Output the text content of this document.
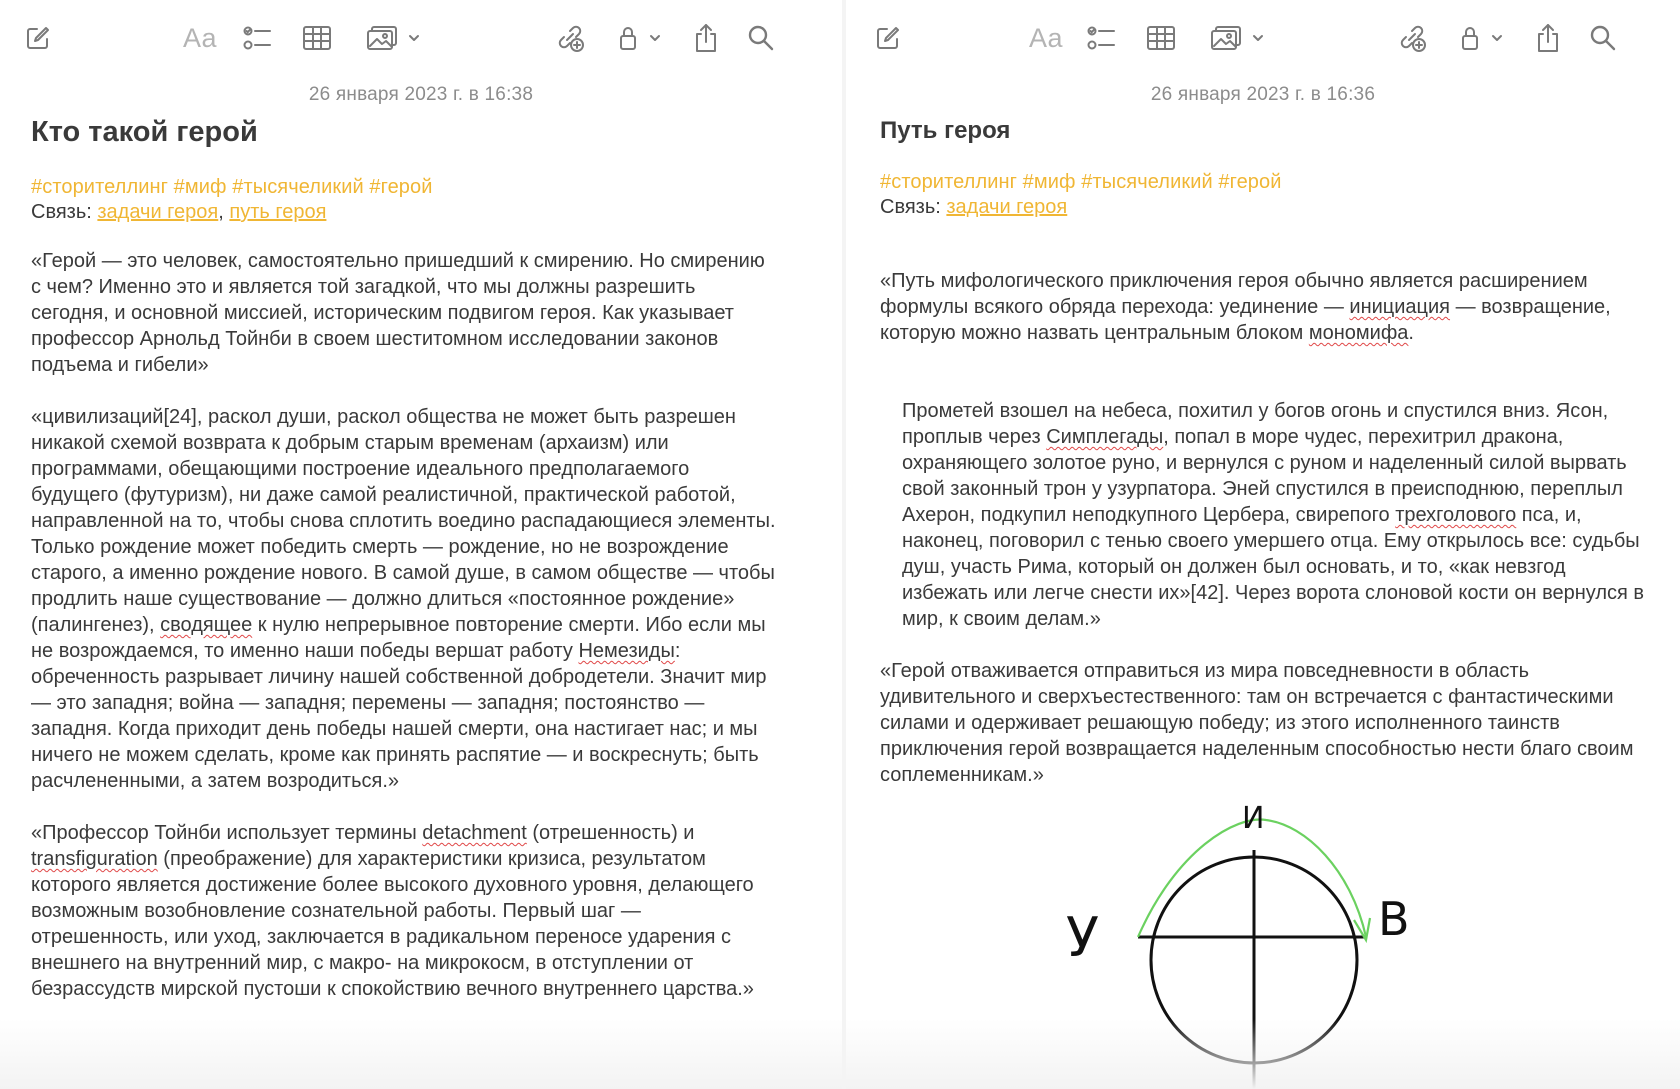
Aa
26 января 2023 г. в 16:38
Кто такой герой
#сторителлинг #миф #тысячеликий #герой
Связь: задачи героя, путь героя

«Герой — это человек, самостоятельно пришедший к смирению. Но смирению с чем? Именно это и является той загадкой, что мы должны разрешить сегодня, и основной миссией, историческим подвигом героя. Как указывает профессор Арнольд Тойнби в своем шеститомном исследовании законов подъема и гибели»

«цивилизаций[24], раскол души, раскол общества не может быть разрешен никакой схемой возврата к добрым старым временам (архаизм) или программами, обещающими построение идеального предполагаемого будущего (футуризм), ни даже самой реалистичной, практической работой, направленной на то, чтобы снова сплотить воедино распадающиеся элементы. Только рождение может победить смерть — рождение, но не возрождение старого, а именно рождение нового. В самой душе, в самом обществе — чтобы продлить наше существование — должно длиться «постоянное рождение» (палингенез), сводящее к нулю непрерывное повторение смерти. Ибо если мы не возрождаемся, то именно наши победы вершат работу Немезиды: обреченность разрывает личину нашей собственной добродетели. Значит мир — это западня; война — западня; перемены — западня; постоянство — западня. Когда приходит день победы нашей смерти, она настигает нас; и мы ничего не можем сделать, кроме как принять распятие — и воскреснуть; быть расчлененными, а затем возродиться.»

«Профессор Тойнби использует термины detachment (отрешенность) и transfiguration (преображение) для характеристики кризиса, результатом которого является достижение более высокого духовного уровня, делающего возможным возобновление сознательной работы. Первый шаг — отрешенность, или уход, заключается в радикальном переносе ударения с внешнего на внутренний мир, с макро- на микрокосм, в отступлении от безрассудств мирской пустоши к спокойствию вечного внутреннего царства.»

Aa
26 января 2023 г. в 16:36
Путь героя
#сторителлинг #миф #тысячеликий #герой
Связь: задачи героя

«Путь мифологического приключения героя обычно является расширением формулы всякого обряда перехода: уединение — инициация — возвращение, которую можно назвать центральным блоком мономифа.

Прометей взошел на небеса, похитил у богов огонь и спустился вниз. Ясон, проплыв через Симплегады, попал в море чудес, перехитрил дракона, охраняющего золотое руно, и вернулся с руном и наделенный силой вырвать свой законный трон у узурпатора. Эней спустился в преисподнюю, переплыл Ахерон, подкупил неподкупного Цербера, свирепого трехголового пса, и, наконец, поговорил с тенью своего умершего отца. Ему открылось все: судьбы душ, участь Рима, который он должен был основать, и то, «как невзгод избежать или легче снести их»[42]. Через ворота слоновой кости он вернулся в мир, к своим делам.»

«Герой отваживается отправиться из мира повседневности в область удивительного и сверхъестественного: там он встречается с фантастическими силами и одерживает решающую победу; из этого исполненного таинств приключения герой возвращается наделенным способностью нести благо своим соплеменникам.»

И
У	В
